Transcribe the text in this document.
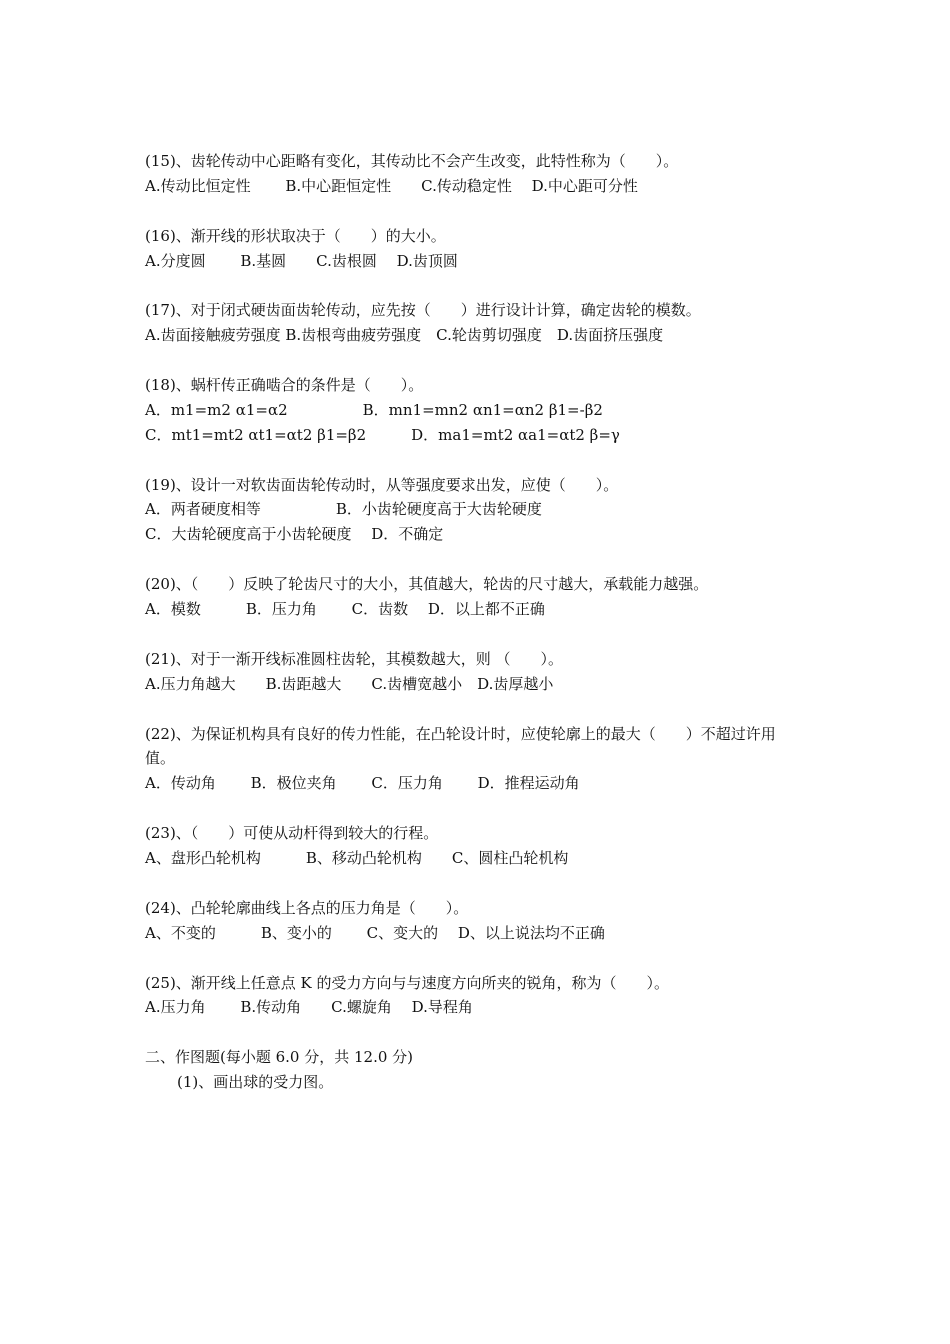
(15)、齿轮传动中心距略有变化，其传动比不会产生改变，此特性称为（　　）。
A.传动比恒定性　　 B.中心距恒定性　　C.传动稳定性　 D.中心距可分性
(16)、渐开线的形状取决于（　　）的大小。
A.分度圆　　 B.基圆　　C.齿根圆　 D.齿顶圆
(17)、对于闭式硬齿面齿轮传动，应先按（　　）进行设计计算，确定齿轮的模数。
A.齿面接触疲劳强度 B.齿根弯曲疲劳强度　C.轮齿剪切强度　D.齿面挤压强度
(18)、蜗杆传正确啮合的条件是（　　）。
A．m1=m2 α1=α2　　　　　B．mn1=mn2 αn1=αn2 β1=-β2
C．mt1=mt2 αt1=αt2 β1=β2　　　D．ma1=mt2 αa1=αt2 β=γ
(19)、设计一对软齿面齿轮传动时，从等强度要求出发，应使（　　）。
A．两者硬度相等　　　　　B．小齿轮硬度高于大齿轮硬度
C．大齿轮硬度高于小齿轮硬度　 D．不确定
(20)、（　　）反映了轮齿尺寸的大小，其值越大，轮齿的尺寸越大，承载能力越强。
A．模数　　　B．压力角　　 C．齿数　 D．以上都不正确
(21)、对于一渐开线标准圆柱齿轮，其模数越大，则 （　　）。
A.压力角越大　　B.齿距越大　　C.齿槽宽越小　D.齿厚越小
(22)、为保证机构具有良好的传力性能，在凸轮设计时，应使轮廓上的最大（　　）不超过许用
值。
A．传动角　　 B．极位夹角　　 C．压力角　　 D．推程运动角
(23)、（　　）可使从动杆得到较大的行程。
A、盘形凸轮机构　　　B、移动凸轮机构　　C、圆柱凸轮机构
(24)、凸轮轮廓曲线上各点的压力角是（　　）。
A、不变的　　　B、变小的　　 C、变大的　 D、以上说法均不正确
(25)、渐开线上任意点 K 的受力方向与与速度方向所夹的锐角，称为（　　）。
A.压力角　　 B.传动角　　C.螺旋角　 D.导程角
二、作图题(每小题 6.0 分，共 12.0 分)
(1)、画出球的受力图。
